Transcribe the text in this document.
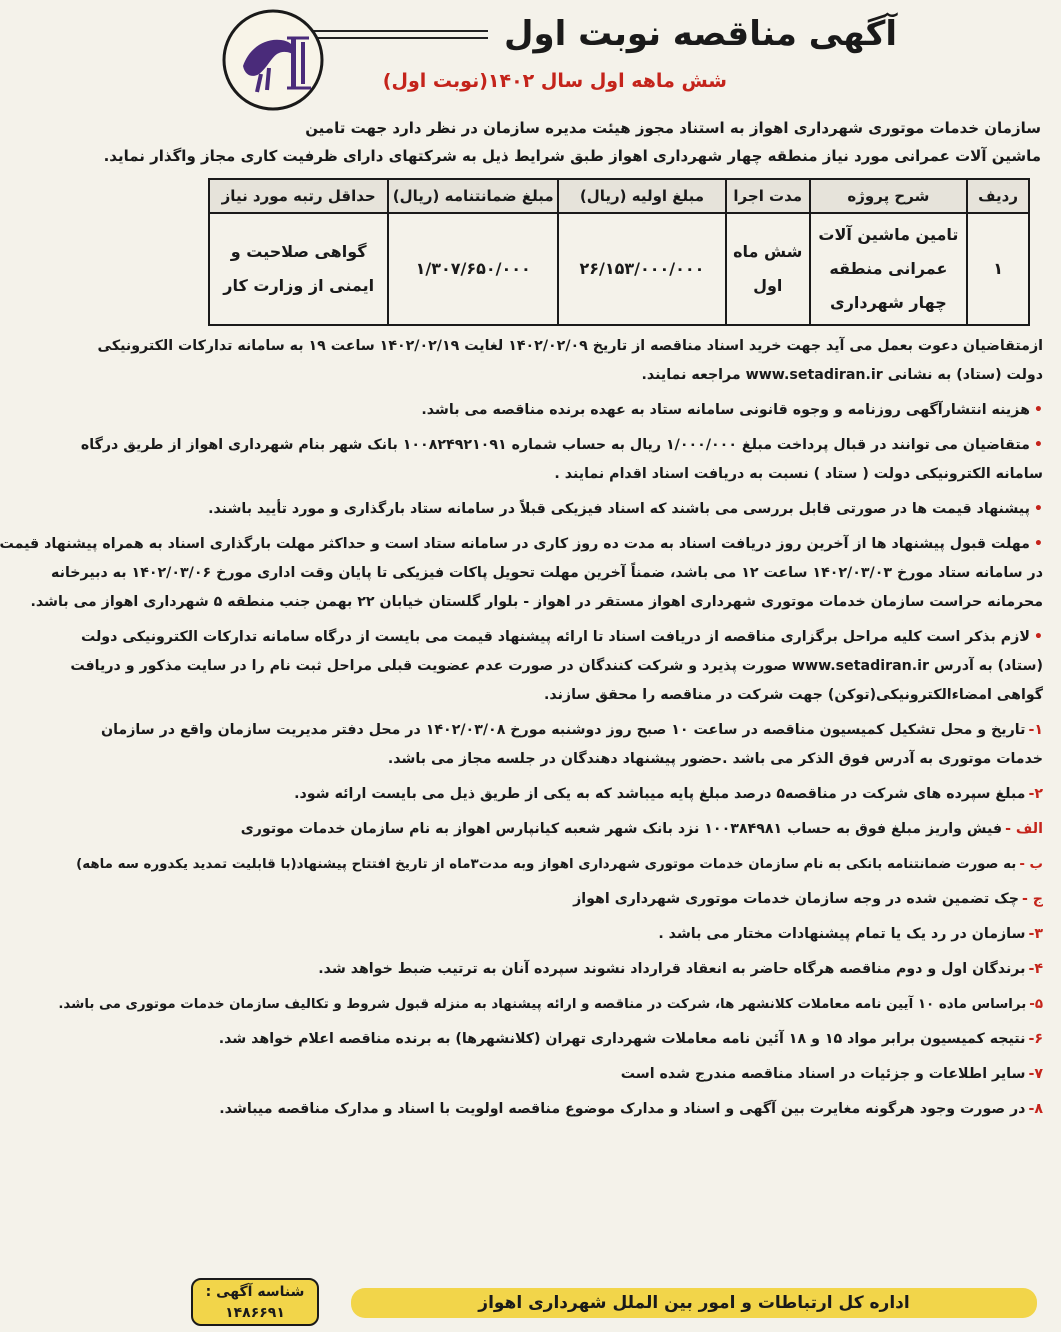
آگهی مناقصه نوبت اول
شش ماهه اول سال ۱۴۰۲(نوبت اول)

سازمان خدمات موتوری شهرداری اهواز به استناد مجوز هیئت مدیره سازمان در نظر دارد جهت تامین

ماشین آلات عمرانی مورد نیاز منطقه چهار شهرداری اهواز طبق شرایط ذیل به شرکتهای دارای ظرفیت کاری مجاز واگذار نماید.

ردیف	شرح پروژه	مدت اجرا	مبلغ اولیه (ریال)	مبلغ ضمانتنامه (ریال)	حداقل رتبه مورد نیاز
۱	تامین ماشین آلات عمرانی منطقه چهار شهرداری	شش ماه اول	۲۶/۱۵۳/۰۰۰/۰۰۰	۱/۳۰۷/۶۵۰/۰۰۰	گواهی صلاحیت و ایمنی از وزارت کار
ازمتقاضیان دعوت بعمل می آید جهت خرید اسناد مناقصه از تاریخ ۱۴۰۲/۰۲/۰۹ لغایت ۱۴۰۲/۰۲/۱۹ ساعت ۱۹ به سامانه تدارکات الکترونیکی
دولت (ستاد) به نشانی www.setadiran.ir مراجعه نمایند.
• هزینه انتشارآگهی روزنامه و وجوه قانونی سامانه ستاد به عهده برنده مناقصه می باشد.
• متقاضیان می توانند در قبال پرداخت مبلغ ۱/۰۰۰/۰۰۰ ریال به حساب شماره ۱۰۰۸۲۴۹۲۱۰۹۱ بانک شهر بنام شهرداری اهواز از طریق درگاه
سامانه الکترونیکی دولت ( ستاد ) نسبت به دریافت اسناد اقدام نمایند .
• پیشنهاد قیمت ها در صورتی قابل بررسی می باشند که اسناد فیزیکی قبلاً در سامانه ستاد بارگذاری و مورد تأیید باشند.
• مهلت قبول پیشنهاد ها از آخرین روز دریافت اسناد به مدت ده روز کاری در سامانه ستاد است و حداکثر مهلت بارگذاری اسناد به همراه پیشنهاد قیمت
در سامانه ستاد مورخ ۱۴۰۲/۰۳/۰۳ ساعت ۱۲ می باشد، ضمناً آخرین مهلت تحویل پاکات فیزیکی تا پایان وقت اداری مورخ ۱۴۰۲/۰۳/۰۶ به دبیرخانه
محرمانه حراست سازمان خدمات موتوری شهرداری اهواز مستقر در اهواز - بلوار گلستان خیابان ۲۲ بهمن جنب منطقه ۵ شهرداری اهواز می باشد.
• لازم بذکر است کلیه مراحل برگزاری مناقصه از دریافت اسناد تا ارائه پیشنهاد قیمت می بایست از درگاه سامانه تدارکات الکترونیکی دولت
(ستاد) به آدرس www.setadiran.ir صورت پذیرد و شرکت کنندگان در صورت عدم عضویت قبلی مراحل ثبت نام را در سایت مذکور و دریافت
گواهی امضاءالکترونیکی(توکن) جهت شرکت در مناقصه را محقق سازند.
۱-تاریخ و محل تشکیل کمیسیون مناقصه در ساعت ۱۰ صبح روز دوشنبه مورخ ۱۴۰۲/۰۳/۰۸ در محل دفتر مدیریت سازمان واقع در سازمان
خدمات موتوری به آدرس فوق الذکر می باشد .حضور پیشنهاد دهندگان در جلسه مجاز می باشد.
۲-مبلغ سپرده های شرکت در مناقصه۵ درصد مبلغ پایه میباشد که به یکی از طریق ذیل می بایست ارائه شود.
الف -فیش واریز مبلغ فوق به حساب ۱۰۰۳۸۴۹۸۱ نزد بانک شهر شعبه کیانپارس اهواز به نام سازمان خدمات موتوری
ب -به صورت ضمانتنامه بانکی به نام سازمان خدمات موتوری شهرداری اهواز وبه مدت۳ماه از تاریخ افتتاح پیشنهاد(با قابلیت تمدید یکدوره سه ماهه)
ج -چک تضمین شده در وجه سازمان خدمات موتوری شهرداری اهواز
۳-سازمان در رد یک یا تمام پیشنهادات مختار می باشد .
۴-برندگان اول و دوم مناقصه هرگاه حاضر به انعقاد قرارداد نشوند سپرده آنان به ترتیب ضبط خواهد شد.
۵-براساس ماده ۱۰ آیین نامه معاملات کلانشهر ها، شرکت در مناقصه و ارائه پیشنهاد به منزله قبول شروط و تکالیف سازمان خدمات موتوری می باشد.
۶-نتیجه کمیسیون برابر مواد ۱۵ و ۱۸ آئین نامه معاملات شهرداری تهران (کلانشهرها) به برنده مناقصه اعلام خواهد شد.
۷-سایر اطلاعات و جزئیات در اسناد مناقصه مندرج شده است
۸-در صورت وجود هرگونه مغایرت بین آگهی و اسناد و مدارک موضوع مناقصه اولویت با اسناد و مدارک مناقصه میباشد.
اداره کل ارتباطات و امور بین الملل شهرداری اهواز
شناسه آگهی :
۱۴۸۶۶۹۱
